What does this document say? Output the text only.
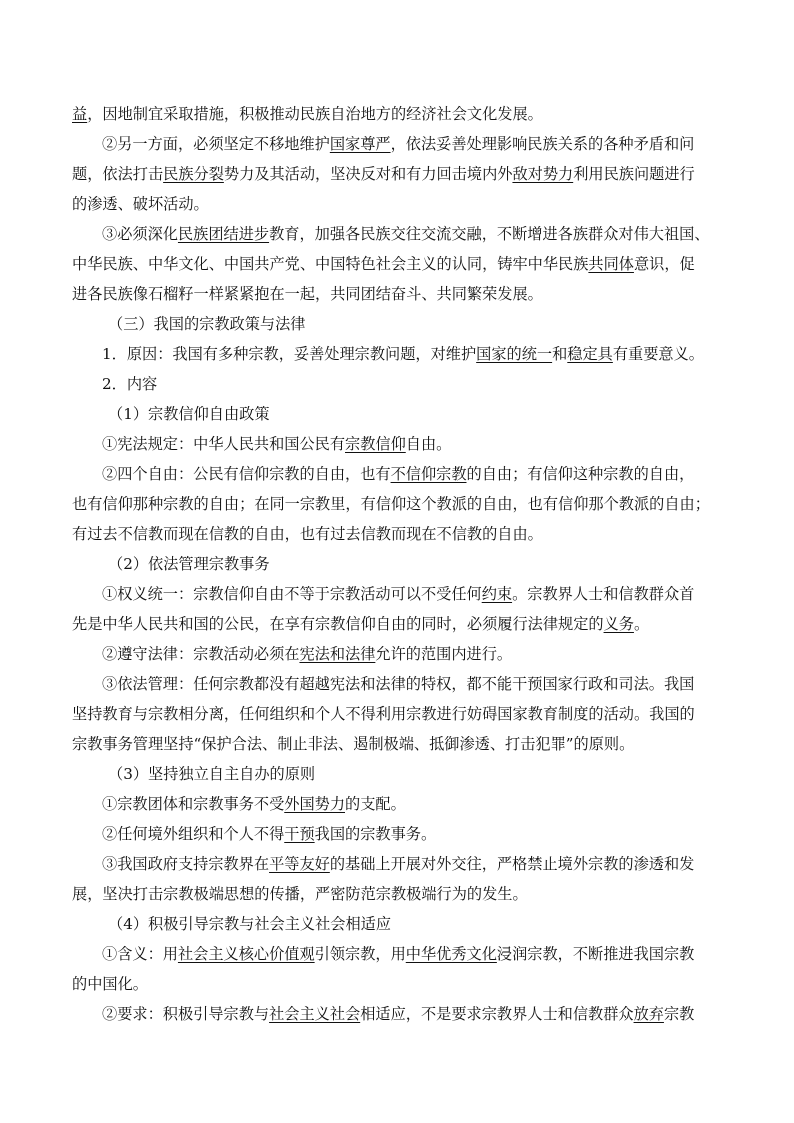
益，因地制宜采取措施，积极推动民族自治地方的经济社会文化发展。
②另一方面，必须坚定不移地维护国家尊严，依法妥善处理影响民族关系的各种矛盾和问
题，依法打击民族分裂势力及其活动，坚决反对和有力回击境内外敌对势力利用民族问题进行
的渗透、破坏活动。
③必须深化民族团结进步教育，加强各民族交往交流交融，不断增进各族群众对伟大祖国、
中华民族、中华文化、中国共产党、中国特色社会主义的认同，铸牢中华民族共同体意识，促
进各民族像石榴籽一样紧紧抱在一起，共同团结奋斗、共同繁荣发展。
（三）我国的宗教政策与法律
1．原因：我国有多种宗教，妥善处理宗教问题，对维护国家的统一和稳定具有重要意义。
2．内容
（1）宗教信仰自由政策
①宪法规定：中华人民共和国公民有宗教信仰自由。
②四个自由：公民有信仰宗教的自由，也有不信仰宗教的自由；有信仰这种宗教的自由，
也有信仰那种宗教的自由；在同一宗教里，有信仰这个教派的自由，也有信仰那个教派的自由；
有过去不信教而现在信教的自由，也有过去信教而现在不信教的自由。
（2）依法管理宗教事务
①权义统一：宗教信仰自由不等于宗教活动可以不受任何约束。宗教界人士和信教群众首
先是中华人民共和国的公民，在享有宗教信仰自由的同时，必须履行法律规定的义务。
②遵守法律：宗教活动必须在宪法和法律允许的范围内进行。
③依法管理：任何宗教都没有超越宪法和法律的特权，都不能干预国家行政和司法。我国
坚持教育与宗教相分离，任何组织和个人不得利用宗教进行妨碍国家教育制度的活动。我国的
宗教事务管理坚持“保护合法、制止非法、遏制极端、抵御渗透、打击犯罪”的原则。
（3）坚持独立自主自办的原则
①宗教团体和宗教事务不受外国势力的支配。
②任何境外组织和个人不得干预我国的宗教事务。
③我国政府支持宗教界在平等友好的基础上开展对外交往，严格禁止境外宗教的渗透和发
展，坚决打击宗教极端思想的传播，严密防范宗教极端行为的发生。
（4）积极引导宗教与社会主义社会相适应
①含义：用社会主义核心价值观引领宗教，用中华优秀文化浸润宗教，不断推进我国宗教
的中国化。
②要求：积极引导宗教与社会主义社会相适应，不是要求宗教界人士和信教群众放弃宗教
